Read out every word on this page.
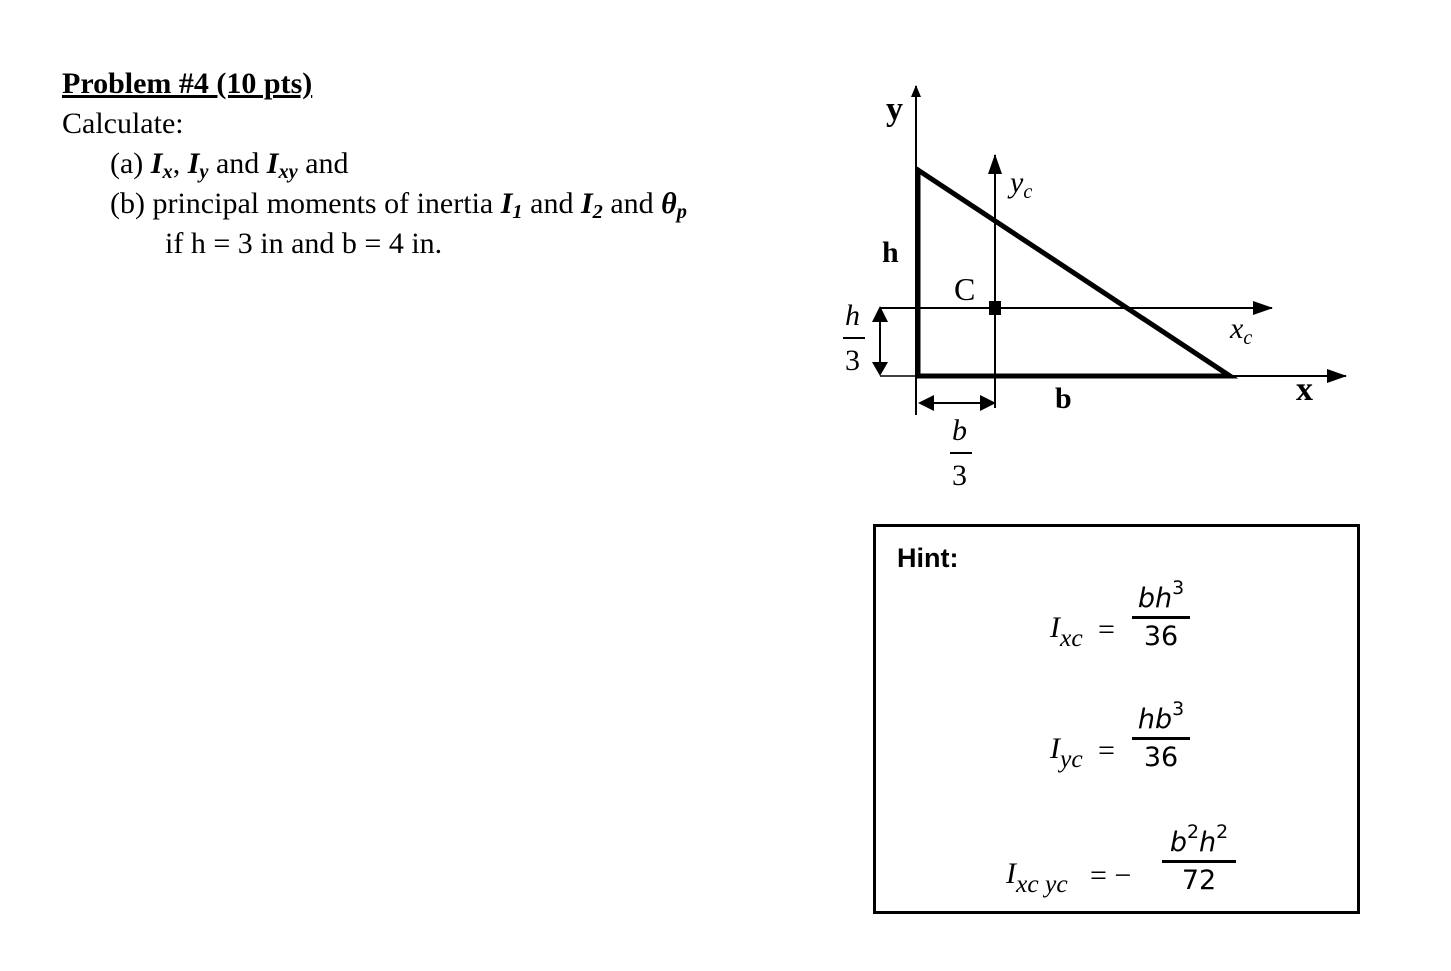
Problem #4 (10 pts)
Calculate:
(a) $I_x$, $I_y$ and $I_{xy}$ and
(b) principal moments of inertia $I_1$ and $I_2$ and $\theta_p$
if h = 3 in and b = 4 in.
y
x
$y_c$
$x_c$
h
b
C
h
3
b
3
Hint:
$I_{xc} = \frac{bh^3}{36}$
$I_{yc} = \frac{hb^3}{36}$
$I_{xc yc}$ = − $\frac{b^2h^2}{72}$
